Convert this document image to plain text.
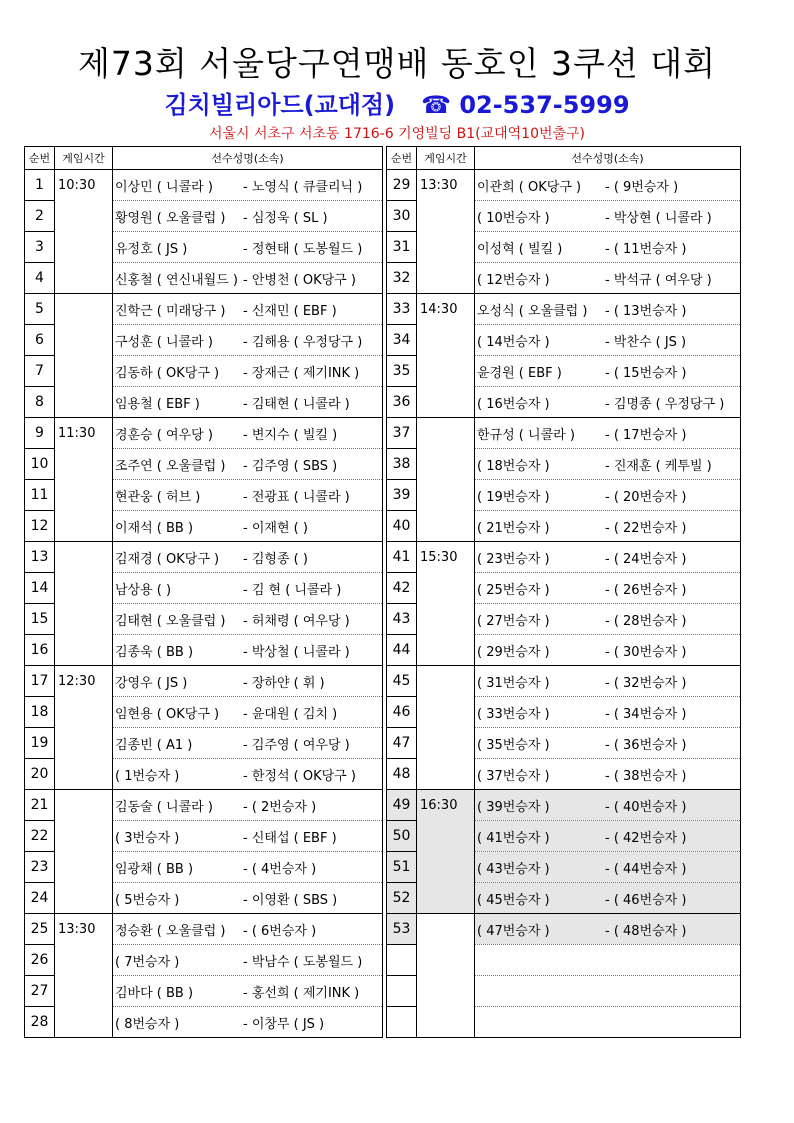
제73회 서울당구연맹배 동호인 3쿠션 대회
김치빌리아드(교대점) ☎ 02-537-5999
서울시 서초구 서초동 1716-6 기영빌딩 B1(교대역10번출구)
순번	게임시간	선수성명(소속)
1	10:30	이상민 ( 니콜라 ) - 노영식 ( 큐클리닉 )
2		황영원 ( 오울클럽 ) - 심정욱 ( SL )
3		유정호 ( JS ) - 정현태 ( 도봉월드 )
4		신홍철 ( 연신내월드 ) - 안병천 ( OK당구 )
5		진학근 ( 미래당구 ) - 신재민 ( EBF )
6		구성훈 ( 니콜라 ) - 김해용 ( 우정당구 )
7		김동하 ( OK당구 ) - 장재근 ( 제기INK )
8		임용철 ( EBF ) - 김태현 ( 니콜라 )
9	11:30	경훈승 ( 여우당 ) - 변지수 ( 빌킬 )
10		조주연 ( 오울클럽 ) - 김주영 ( SBS )
11		현관웅 ( 허브 ) - 전광표 ( 니콜라 )
12		이재석 ( BB ) - 이재현 ( )
13		김재경 ( OK당구 ) - 김형종 ( )
14		남상용 ( ) - 김 현 ( 니콜라 )
15		김태현 ( 오울클럽 ) - 허채령 ( 여우당 )
16		김종욱 ( BB ) - 박상철 ( 니콜라 )
17	12:30	강영우 ( JS ) - 장하얀 ( 휘 )
18		임현용 ( OK당구 ) - 윤대원 ( 김치 )
19		김종빈 ( A1 ) - 김주영 ( 여우당 )
20		( 1번승자 ) - 한정석 ( OK당구 )
21		김동술 ( 니콜라 ) - ( 2번승자 )
22		( 3번승자 ) - 신태섭 ( EBF )
23		임광채 ( BB ) - ( 4번승자 )
24		( 5번승자 ) - 이영환 ( SBS )
25	13:30	정승환 ( 오울클럽 ) - ( 6번승자 )
26		( 7번승자 ) - 박남수 ( 도봉월드 )
27		김바다 ( BB ) - 홍선희 ( 제기INK )
28		( 8번승자 ) - 이창무 ( JS )
순번	게임시간	선수성명(소속)
29	13:30	이관희 ( OK당구 ) - ( 9번승자 )
30		( 10번승자 ) - 박상현 ( 니콜라 )
31		이성혁 ( 빌킬 ) - ( 11번승자 )
32		( 12번승자 ) - 박석규 ( 여우당 )
33	14:30	오성식 ( 오울클럽 ) - ( 13번승자 )
34		( 14번승자 ) - 박찬수 ( JS )
35		윤경원 ( EBF ) - ( 15번승자 )
36		( 16번승자 ) - 김명종 ( 우정당구 )
37		한규성 ( 니콜라 ) - ( 17번승자 )
38		( 18번승자 ) - 진재훈 ( 케투빌 )
39		( 19번승자 ) - ( 20번승자 )
40		( 21번승자 ) - ( 22번승자 )
41	15:30	( 23번승자 ) - ( 24번승자 )
42		( 25번승자 ) - ( 26번승자 )
43		( 27번승자 ) - ( 28번승자 )
44		( 29번승자 ) - ( 30번승자 )
45		( 31번승자 ) - ( 32번승자 )
46		( 33번승자 ) - ( 34번승자 )
47		( 35번승자 ) - ( 36번승자 )
48		( 37번승자 ) - ( 38번승자 )
49	16:30	( 39번승자 ) - ( 40번승자 )
50		( 41번승자 ) - ( 42번승자 )
51		( 43번승자 ) - ( 44번승자 )
52		( 45번승자 ) - ( 46번승자 )
53		( 47번승자 ) - ( 48번승자 )
